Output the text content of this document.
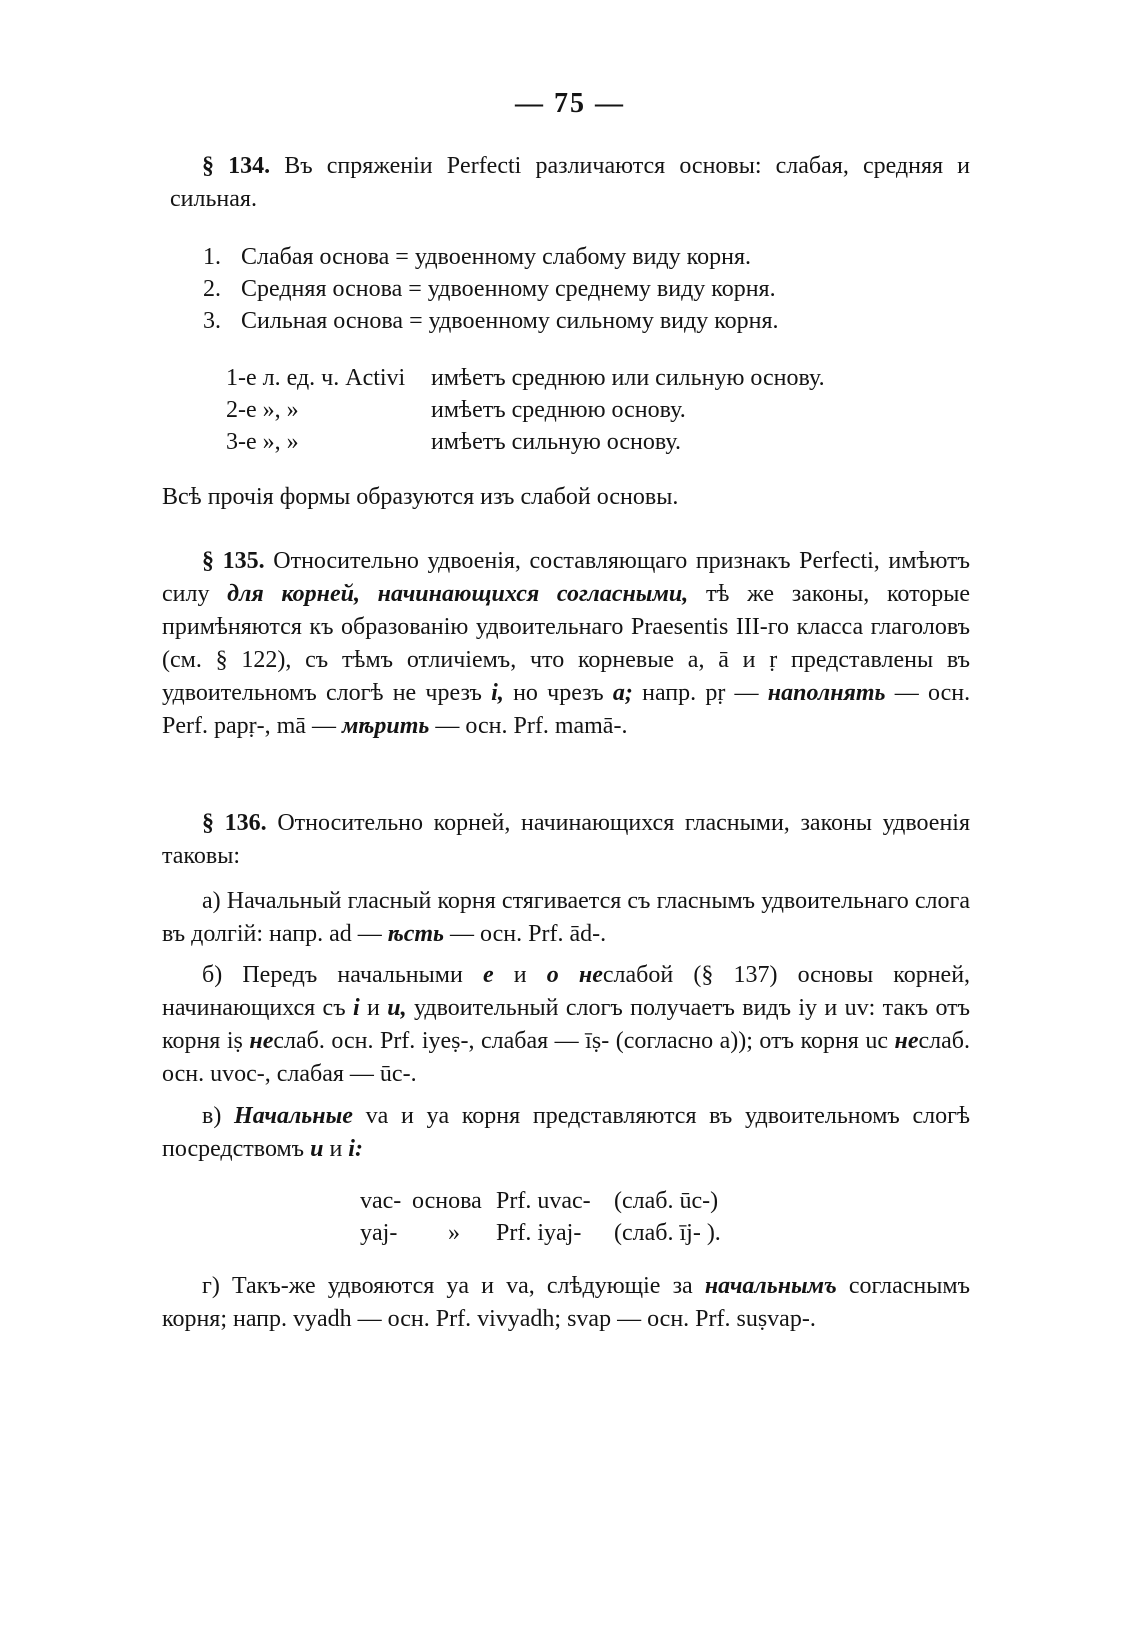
— 75 —
§ 134. Въ спряженіи Perfecti различаются основы: слабая, средняя и сильная.
1. Слабая основа = удвоенному слабому виду корня.
2. Средняя основа = удвоенному среднему виду корня.
3. Сильная основа = удвоенному сильному виду корня.
1-е л. ед. ч. Activi имѣетъ среднюю или сильную основу.
2-е », »	имѣетъ среднюю основу.
3-е », »	имѣетъ сильную основу.
Всѣ прочія формы образуются изъ слабой основы.
§ 135. Относительно удвоенія, составляющаго признакъ Perfecti, имѣютъ силу для корней, начинающихся согласными, тѣ же законы, которые примѣняются къ образованію удвоительнаго Praesentis III-го класса глаголовъ (см. § 122), съ тѣмъ отличіемъ, что корневые a, ā и ṛ представлены въ удвоительномъ слогѣ не чрезъ i, но чрезъ a; напр. pṛ — наполнять — осн. Perf. papṛ-, mā — мѣрить — осн. Prf. mamā-.
§ 136. Относительно корней, начинающихся гласными, законы удвоенія таковы:
а) Начальный гласный корня стягивается съ гласнымъ удвоительнаго слога въ долгій: напр. ad — ѣсть — осн. Prf. ād-.
б) Передъ начальными e и o неслабой (§ 137) основы корней, начинающихся съ i и u, удвоительный слогъ получаетъ видъ iy и uv: такъ отъ корня iṣ неслаб. осн. Prf. iyeṣ-, слабая — īṣ- (согласно а)); отъ корня uc неслаб. осн. uvoc-, слабая — ūc-.
в) Начальные va и ya корня представляются въ удвоительномъ слогѣ посредствомъ u и i:
vac- основа Prf. uvac- (слаб. ūc-)
yaj- » Prf. iyaj- (слаб. īj- ).
г) Такъ-же удвояются ya и va, слѣдующіе за начальнымъ согласнымъ корня; напр. vyadh — осн. Prf. vivyadh; svap — осн. Prf. suṣvap-.
